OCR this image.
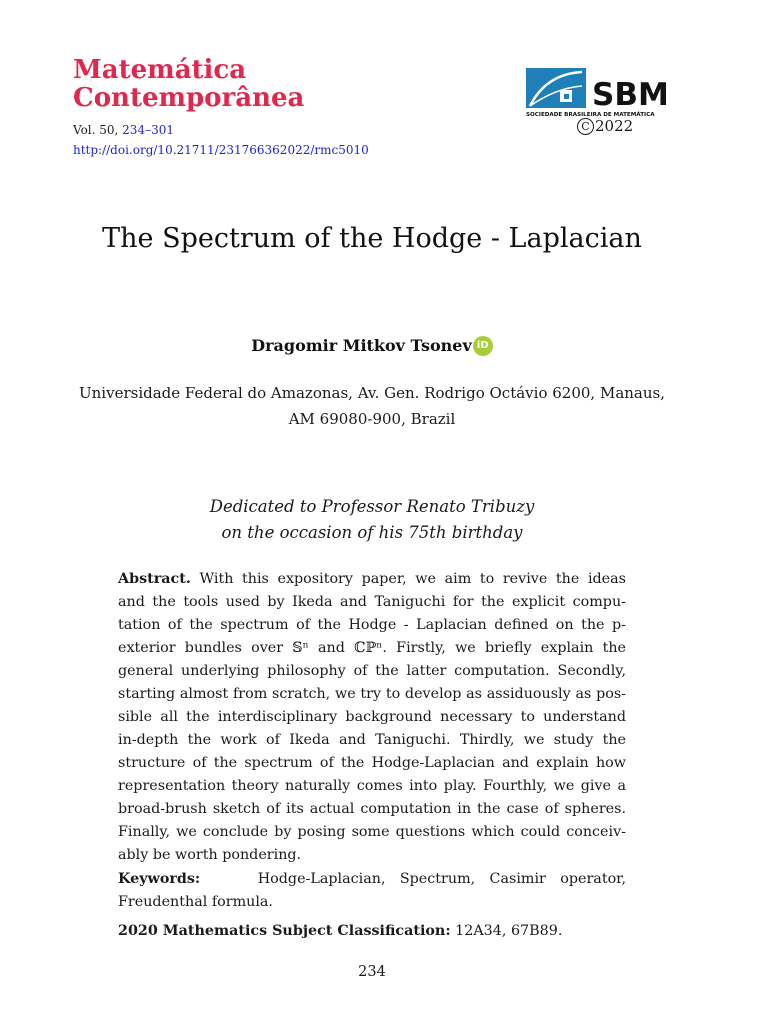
Matemática
Contemporânea
Vol. 50, 234–301
http://doi.org/10.21711/231766362022/rmc5010
SBM
SOCIEDADE BRASILEIRA DE MATEMÁTICA
C 2022
The Spectrum of the Hodge - Laplacian
Dragomir Mitkov Tsonev iD
Universidade Federal do Amazonas, Av. Gen. Rodrigo Octávio 6200, Manaus,
AM 69080-900, Brazil
Dedicated to Professor Renato Tribuzy
on the occasion of his 75th birthday
Abstract. With this expository paper, we aim to revive the ideas
and the tools used by Ikeda and Taniguchi for the explicit compu-
tation of the spectrum of the Hodge - Laplacian defined on the p-
exterior bundles over 𝕊ⁿ and ℂℙⁿ. Firstly, we briefly explain the
general underlying philosophy of the latter computation. Secondly,
starting almost from scratch, we try to develop as assiduously as pos-
sible all the interdisciplinary background necessary to understand
in-depth the work of Ikeda and Taniguchi. Thirdly, we study the
structure of the spectrum of the Hodge-Laplacian and explain how
representation theory naturally comes into play. Fourthly, we give a
broad-brush sketch of its actual computation in the case of spheres.
Finally, we conclude by posing some questions which could conceiv-
ably be worth pondering.
Keywords:	Hodge-Laplacian, Spectrum, Casimir operator,
Freudenthal formula.
2020 Mathematics Subject Classification: 12A34, 67B89.
234
